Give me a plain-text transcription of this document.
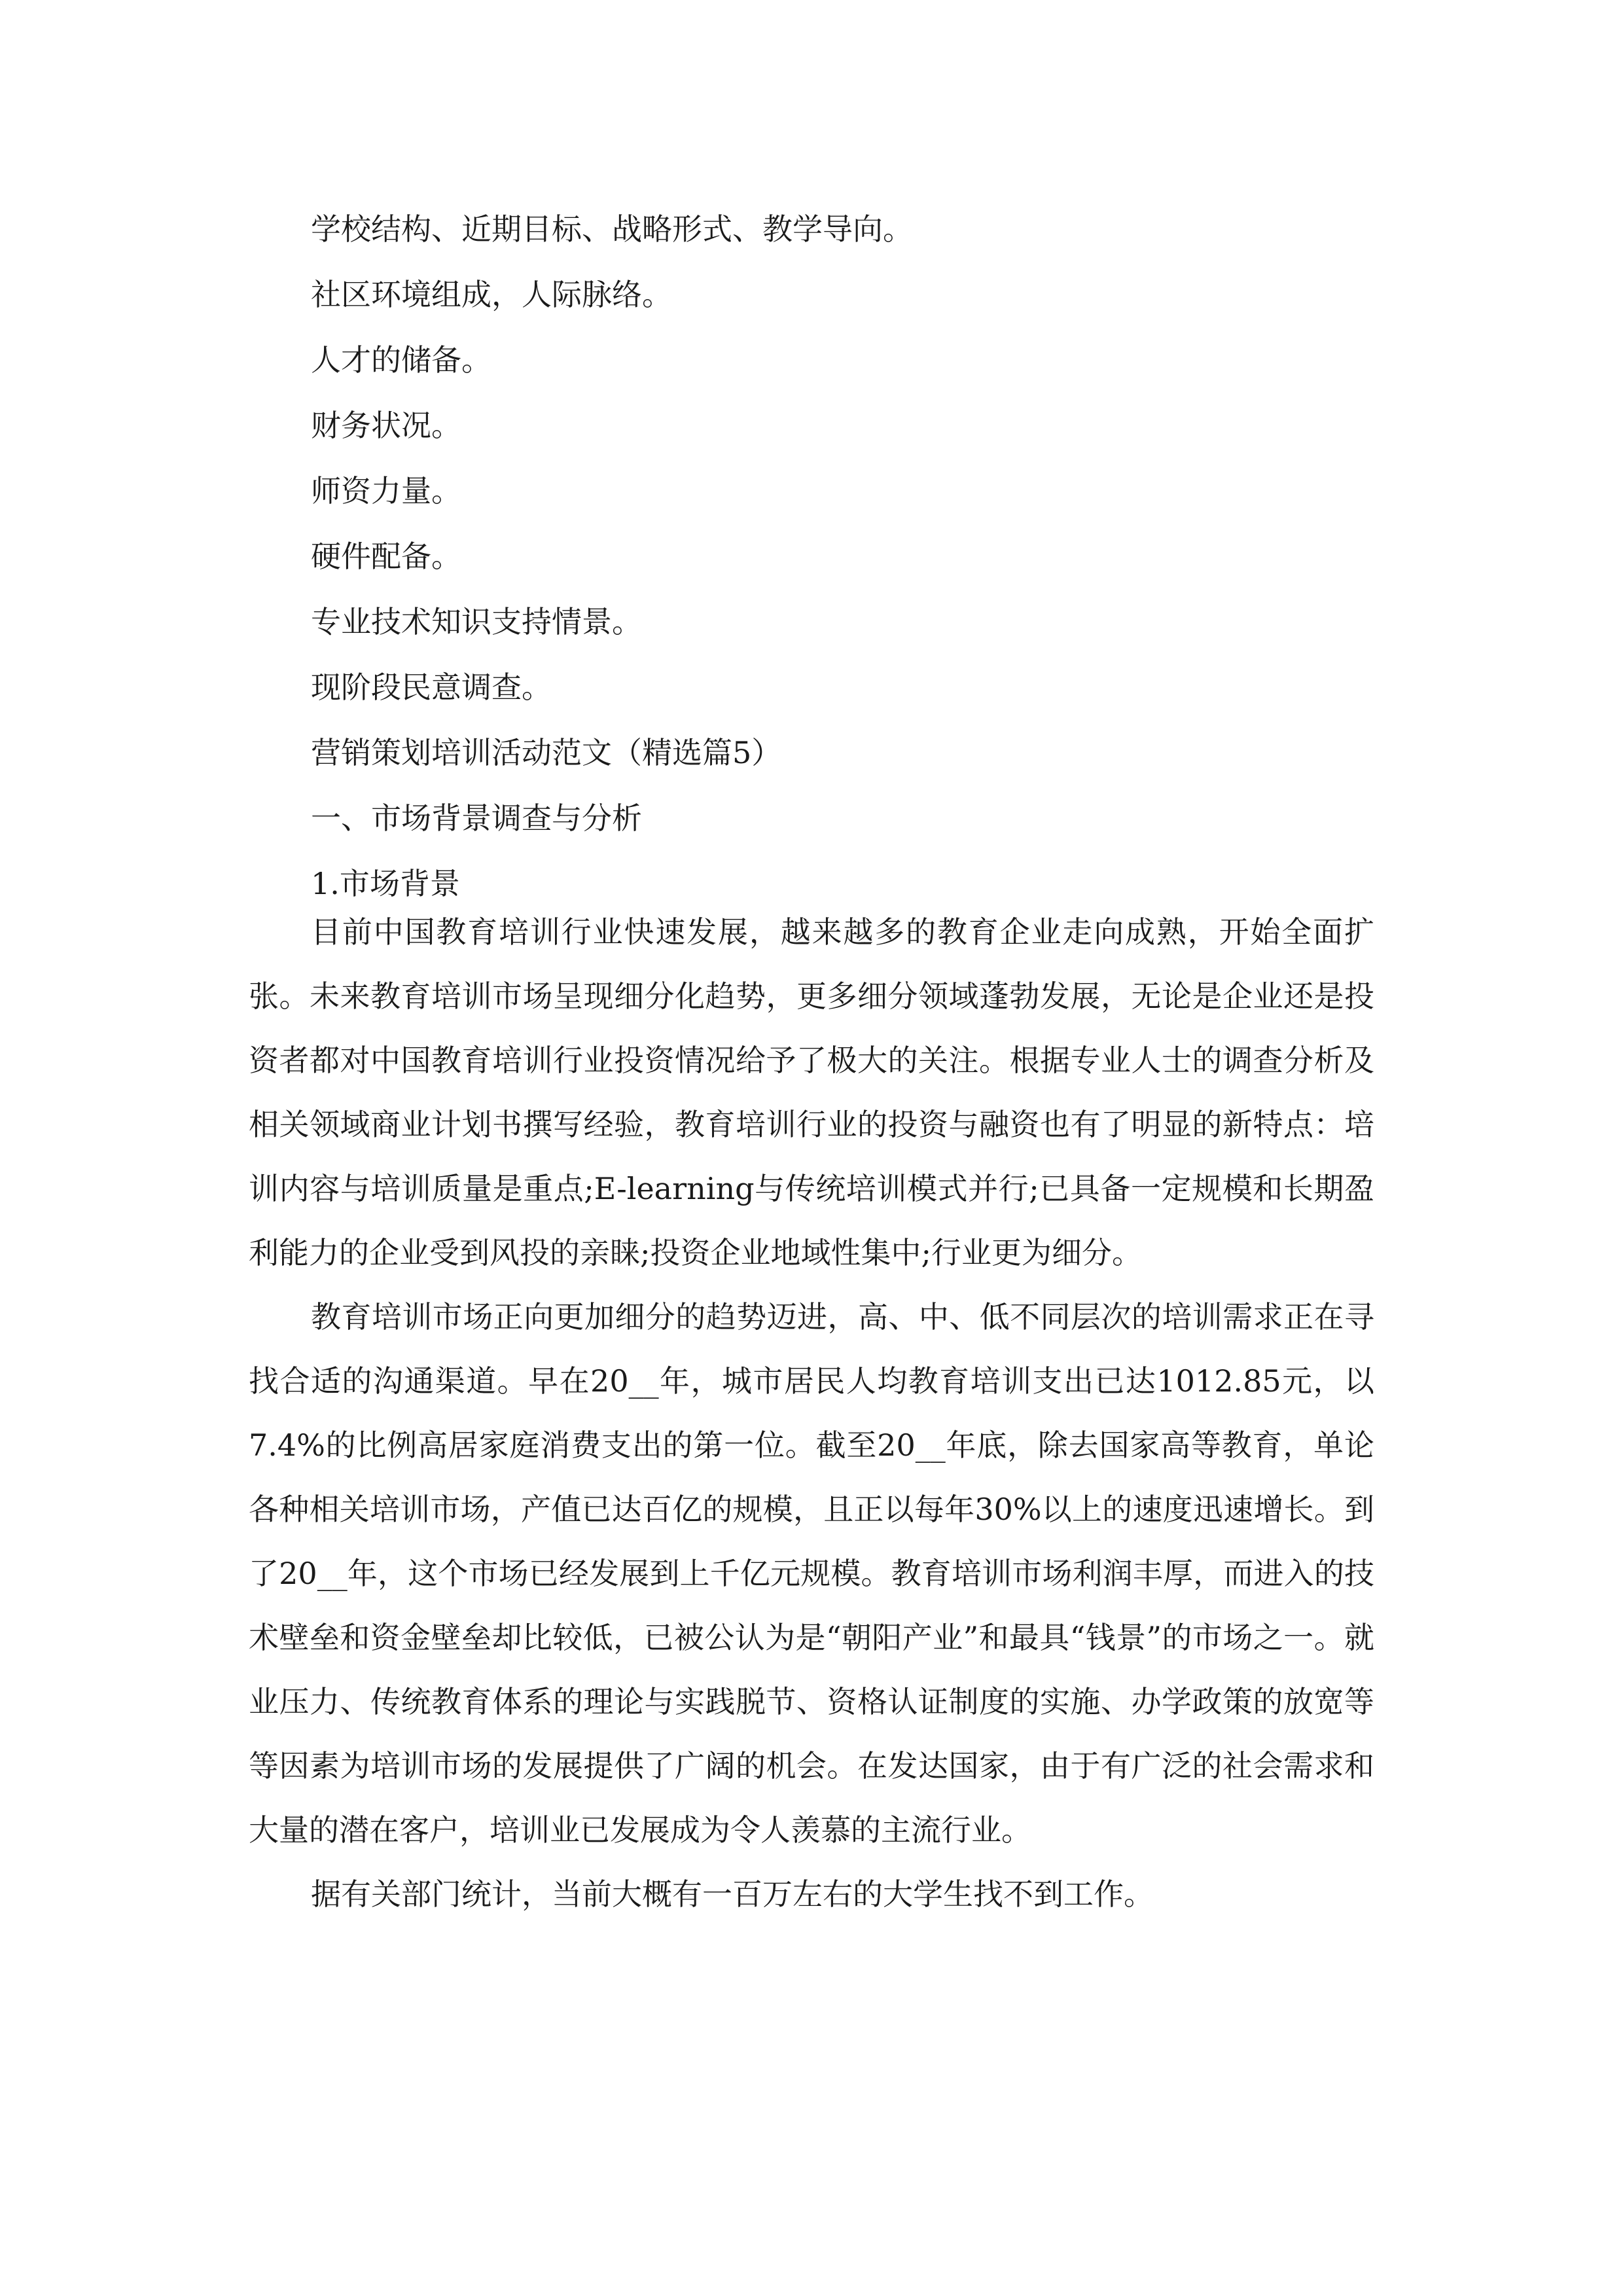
学校结构、近期目标、战略形式、教学导向。
社区环境组成，人际脉络。
人才的储备。
财务状况。
师资力量。
硬件配备。
专业技术知识支持情景。
现阶段民意调查。
营销策划培训活动范文（精选篇5）
一、市场背景调查与分析
1.市场背景

目前中国教育培训行业快速发展，越来越多的教育企业走向成熟，开始全面扩张。未来教育培训市场呈现细分化趋势，更多细分领域蓬勃发展，无论是企业还是投资者都对中国教育培训行业投资情况给予了极大的关注。根据专业人士的调查分析及相关领域商业计划书撰写经验，教育培训行业的投资与融资也有了明显的新特点：培训内容与培训质量是重点;E-learning与传统培训模式并行;已具备一定规模和长期盈利能力的企业受到风投的亲睐;投资企业地域性集中;行业更为细分。

教育培训市场正向更加细分的趋势迈进，高、中、低不同层次的培训需求正在寻找合适的沟通渠道。早在20__年，城市居民人均教育培训支出已达1012.85元，以7.4%的比例高居家庭消费支出的第一位。截至20__年底，除去国家高等教育，单论各种相关培训市场，产值已达百亿的规模，且正以每年30%以上的速度迅速增长。到了20__年，这个市场已经发展到上千亿元规模。教育培训市场利润丰厚，而进入的技术壁垒和资金壁垒却比较低，已被公认为是“朝阳产业”和最具“钱景”的市场之一。就业压力、传统教育体系的理论与实践脱节、资格认证制度的实施、办学政策的放宽等等因素为培训市场的发展提供了广阔的机会。在发达国家，由于有广泛的社会需求和大量的潜在客户，培训业已发展成为令人羡慕的主流行业。

据有关部门统计，当前大概有一百万左右的大学生找不到工作。
